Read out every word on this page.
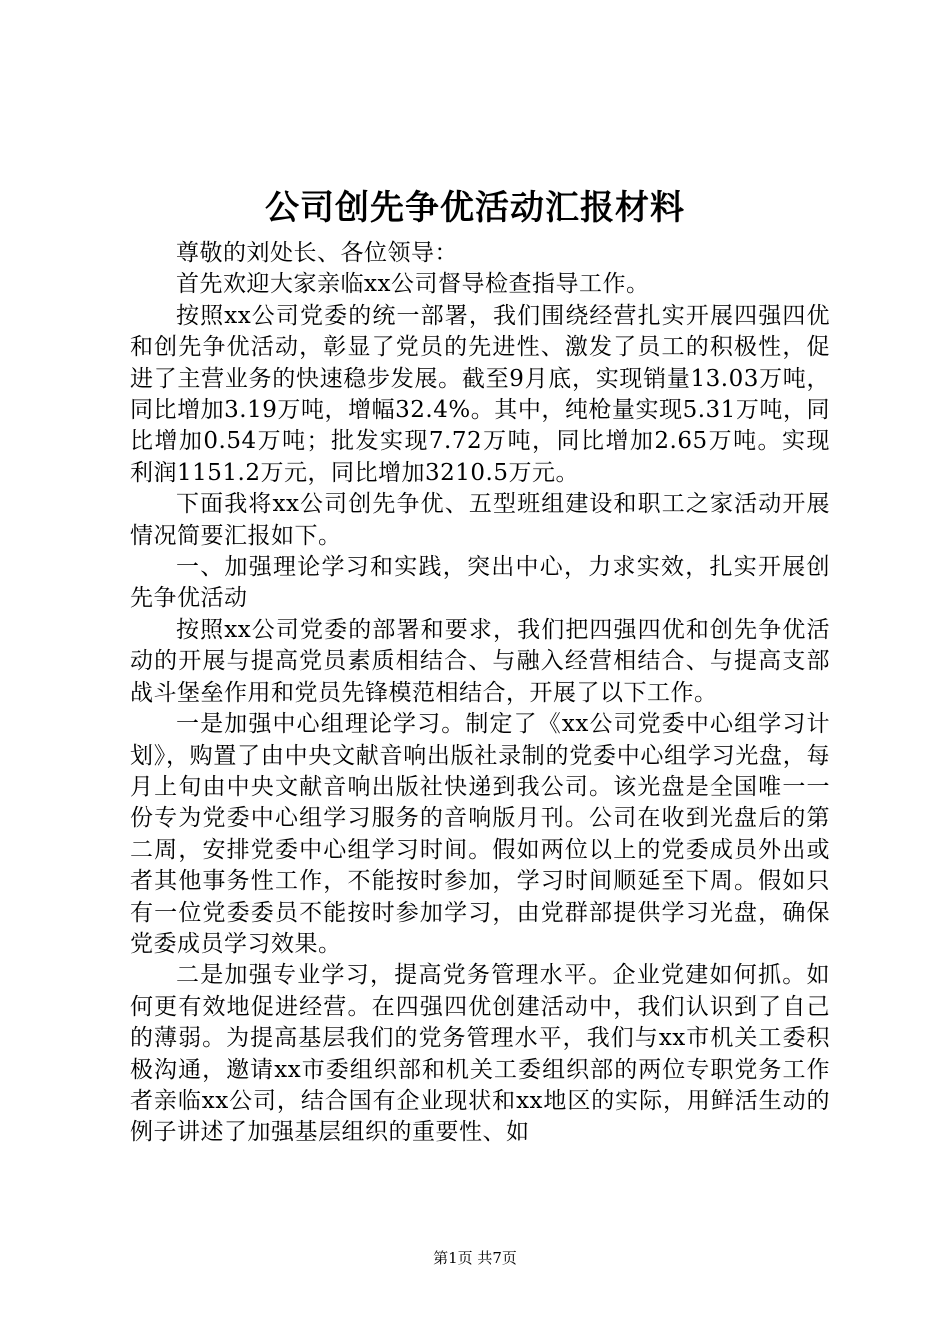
公司创先争优活动汇报材料

尊敬的刘处长、各位领导：

首先欢迎大家亲临xx公司督导检查指导工作。

按照xx公司党委的统一部署，我们围绕经营扎实开展四强四优和创先争优活动，彰显了党员的先进性、激发了员工的积极性，促进了主营业务的快速稳步发展。截至9月底，实现销量13.03万吨，同比增加3.19万吨，增幅32.4%。其中，纯枪量实现5.31万吨，同比增加0.54万吨；批发实现7.72万吨，同比增加2.65万吨。实现利润1151.2万元，同比增加3210.5万元。

下面我将xx公司创先争优、五型班组建设和职工之家活动开展情况简要汇报如下。

一、加强理论学习和实践，突出中心，力求实效，扎实开展创先争优活动

按照xx公司党委的部署和要求，我们把四强四优和创先争优活动的开展与提高党员素质相结合、与融入经营相结合、与提高支部战斗堡垒作用和党员先锋模范相结合，开展了以下工作。

一是加强中心组理论学习。制定了《xx公司党委中心组学习计划》，购置了由中央文献音响出版社录制的党委中心组学习光盘，每月上旬由中央文献音响出版社快递到我公司。该光盘是全国唯一一份专为党委中心组学习服务的音响版月刊。公司在收到光盘后的第二周，安排党委中心组学习时间。假如两位以上的党委成员外出或者其他事务性工作，不能按时参加，学习时间顺延至下周。假如只有一位党委委员不能按时参加学习，由党群部提供学习光盘，确保党委成员学习效果。

二是加强专业学习，提高党务管理水平。企业党建如何抓。如何更有效地促进经营。在四强四优创建活动中，我们认识到了自己的薄弱。为提高基层我们的党务管理水平，我们与xx市机关工委积极沟通，邀请xx市委组织部和机关工委组织部的两位专职党务工作者亲临xx公司，结合国有企业现状和xx地区的实际，用鲜活生动的例子讲述了加强基层组织的重要性、如

第1页 共7页
